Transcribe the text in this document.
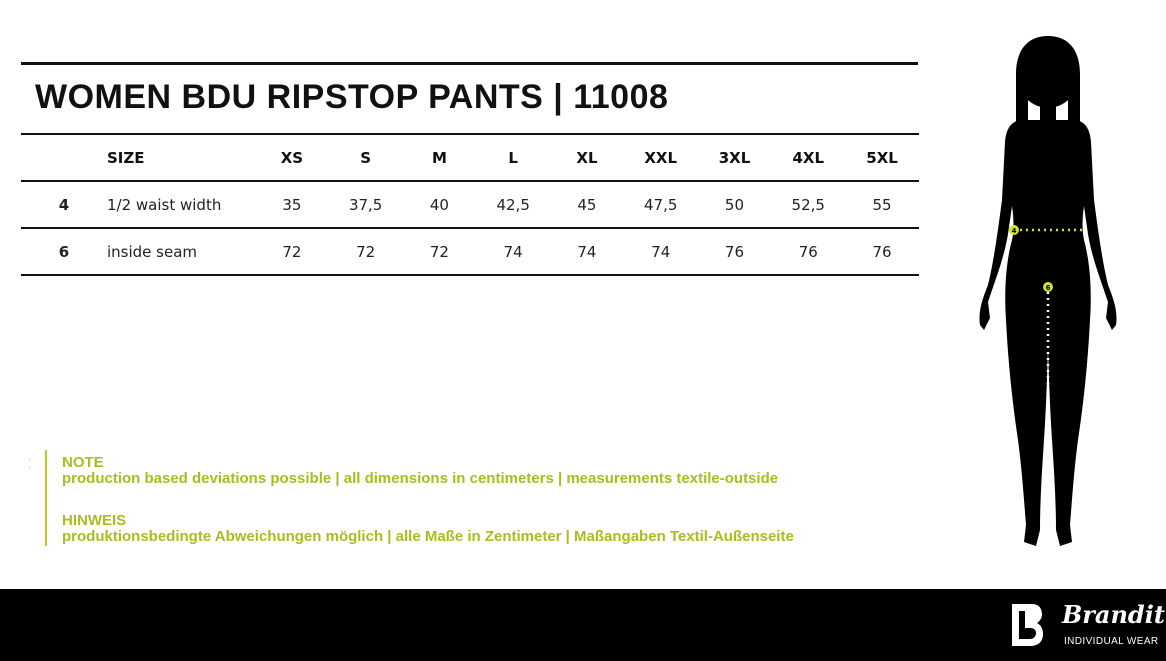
WOMEN BDU RIPSTOP PANTS | 11008
	SIZE	XS	S	M	L	XL	XXL	3XL	4XL	5XL
4	1/2 waist width	35	37,5	40	42,5	45	47,5	50	52,5	55
6	inside seam	72	72	72	74	74	74	76	76	76
·
· NOTE
production based deviations possible | all dimensions in centimeters | measurements textile-outside
HINWEIS
produktionsbedingte Abweichungen möglich | alle Maße in Zentimeter | Maßangaben Textil-Außenseite
4
6
Brandit
INDIVIDUAL WEAR
